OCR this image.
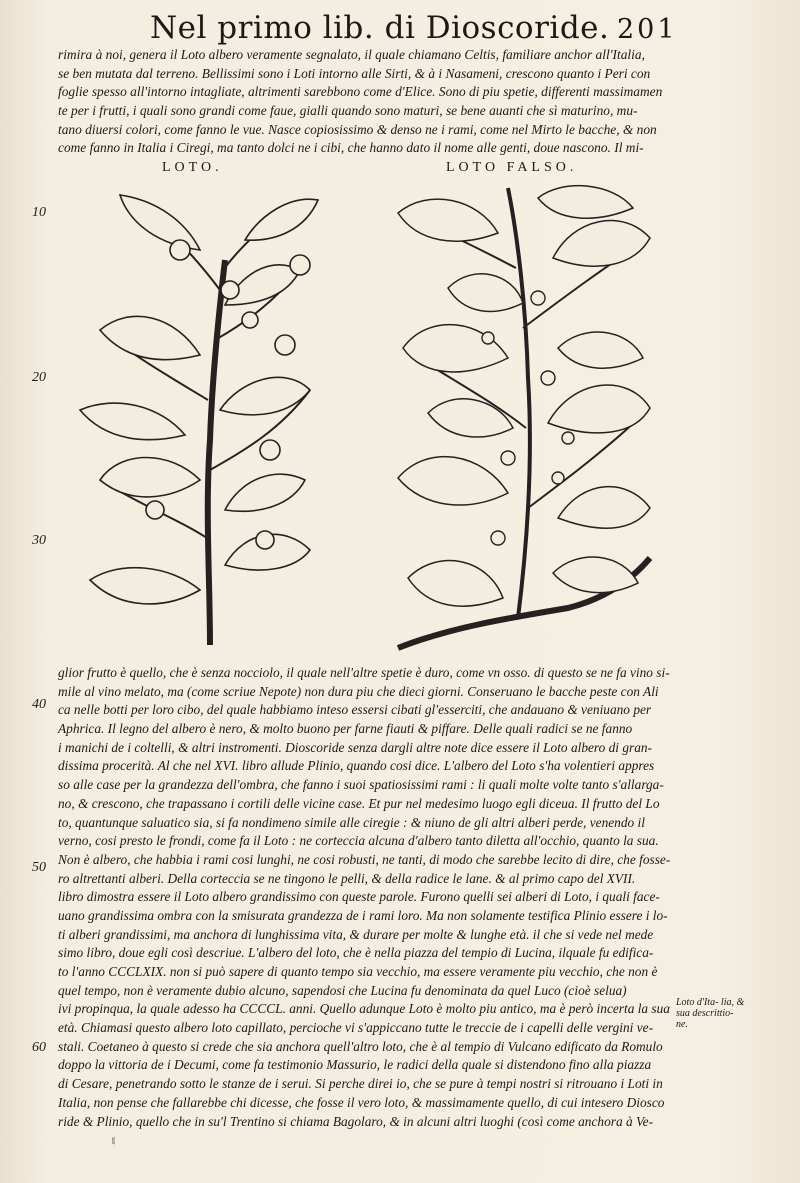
Nel primo lib. di Dioscoride. 201
rimira à noi, genera il Loto albero veramente segnalato, il quale chiamano Celtis, familiare anchor all'Italia,
se ben mutata dal terreno. Bellissimi sono i Loti intorno alle Sirti, & à i Nasameni, crescono quanto i Peri con
foglie spesso all'intorno intagliate, altrimenti sarebbono come d'Elice. Sono di piu spetie, differenti massimamen
te per i frutti, i quali sono grandi come faue, gialli quando sono maturi, se bene auanti che sì maturino, mu-
tano diuersi colori, come fanno le vue. Nasce copiosissimo & denso ne i rami, come nel Mirto le bacche, & non
come fanno in Italia i Ciregi, ma tanto dolci ne i cibi, che hanno dato il nome alle genti, doue nascono. Il mi-
LOTO.	LOTO FALSO.
10
20
30
40
50
60
glior frutto è quello, che è senza nocciolo, il quale nell'altre spetie è duro, come vn osso. di questo se ne fa vino si-
mile al vino melato, ma (come scriue Nepote) non dura piu che dieci giorni. Conseruano le bacche peste con Ali
ca nelle botti per loro cibo, del quale habbiamo inteso essersi cibati gl'esserciti, che andauano & veniuano per
Aphrica. Il legno del albero è nero, & molto buono per farne fiauti & piffare. Delle quali radici se ne fanno
i manichi de i coltelli, & altri instromenti. Dioscoride senza dargli altre note dice essere il Loto albero di gran-
dissima procerità. Al che nel XVI. libro allude Plinio, quando cosi dice. L'albero del Loto s'ha volentieri appres
so alle case per la grandezza dell'ombra, che fanno i suoi spatiosissimi rami : li quali molte volte tanto s'allarga-
no, & crescono, che trapassano i cortili delle vicine case. Et pur nel medesimo luogo egli diceua. Il frutto del Lo
to, quantunque saluatico sia, si fa nondimeno simile alle ciregie : & niuno de gli altri alberi perde, venendo il
verno, cosi presto le frondi, come fa il Loto : ne corteccia alcuna d'albero tanto diletta all'occhio, quanto la sua.
Non è albero, che habbia i rami cosi lunghi, ne cosi robusti, ne tanti, di modo che sarebbe lecito di dire, che fosse-
ro altrettanti alberi. Della corteccia se ne tingono le pelli, & della radice le lane. & al primo capo del XVII.
libro dimostra essere il Loto albero grandissimo con queste parole. Furono quelli sei alberi di Loto, i quali face-
uano grandissima ombra con la smisurata grandezza de i rami loro. Ma non solamente testifica Plinio essere i lo-
ti alberi grandissimi, ma anchora di lunghissima vita, & durare per molte & lunghe età. il che si vede nel mede
simo libro, doue egli così descriue. L'albero del loto, che è nella piazza del tempio di Lucina, ilquale fu edifica-
to l'anno CCCLXIX. non si può sapere di quanto tempo sia vecchio, ma essere veramente piu vecchio, che non è
quel tempo, non è veramente dubio alcuno, sapendosi che Lucina fu denominata da quel Luco (cioè selua)
ivi propinqua, la quale adesso ha CCCCL. anni. Quello adunque Loto è molto piu antico, ma è però incerta la sua
età. Chiamasi questo albero loto capillato, percioche vi s'appiccano tutte le treccie de i capelli delle vergini ve-
stali. Coetaneo à questo si crede che sia anchora quell'altro loto, che è al tempio di Vulcano edificato da Romulo
doppo la vittoria de i Decumi, come fa testimonio Massurio, le radici della quale si distendono fino alla piazza
di Cesare, penetrando sotto le stanze de i serui. Si perche direi io, che se pure à tempi nostri si ritrouano i Loti in
Italia, non pense che fallarebbe chi dicesse, che fosse il vero loto, & massimamente quello, di cui intesero Diosco
ride & Plinio, quello che in su'l Trentino si chiama Bagolaro, & in alcuni altri luoghi (così come anchora à Ve-
rona)
Loto d'Ita- lia, & sua descrittio- ne.
